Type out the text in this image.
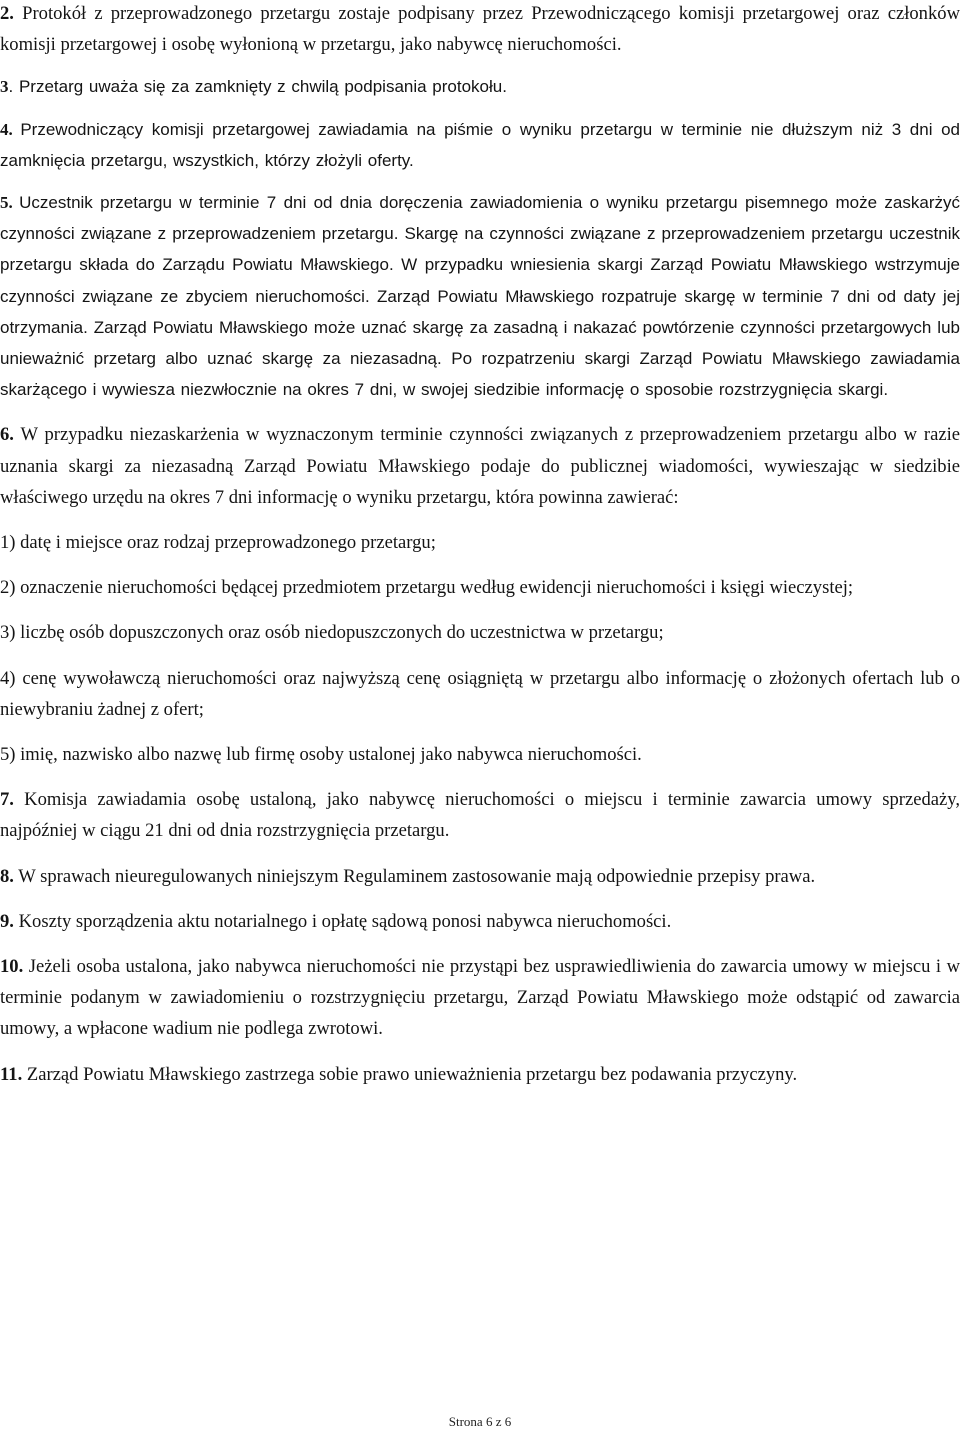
2. Protokół z przeprowadzonego przetargu zostaje podpisany przez Przewodniczącego komisji przetargowej oraz członków komisji przetargowej i osobę wyłonioną w przetargu, jako nabywcę nieruchomości.

3. Przetarg uważa się za zamknięty z chwilą podpisania protokołu.

4. Przewodniczący komisji przetargowej zawiadamia na piśmie o wyniku przetargu w terminie nie dłuższym niż 3 dni od zamknięcia przetargu, wszystkich, którzy złożyli oferty.

5. Uczestnik przetargu w terminie 7 dni od dnia doręczenia zawiadomienia o wyniku przetargu pisemnego może zaskarżyć czynności związane z przeprowadzeniem przetargu. Skargę na czynności związane z przeprowadzeniem przetargu uczestnik przetargu składa do Zarządu Powiatu Mławskiego. W przypadku wniesienia skargi Zarząd Powiatu Mławskiego wstrzymuje czynności związane ze zbyciem nieruchomości. Zarząd Powiatu Mławskiego rozpatruje skargę w terminie 7 dni od daty jej otrzymania. Zarząd Powiatu Mławskiego może uznać skargę za zasadną i nakazać powtórzenie czynności przetargowych lub unieważnić przetarg albo uznać skargę za niezasadną. Po rozpatrzeniu skargi Zarząd Powiatu Mławskiego zawiadamia skarżącego i wywiesza niezwłocznie na okres 7 dni, w swojej siedzibie informację o sposobie rozstrzygnięcia skargi.

6. W przypadku niezaskarżenia w wyznaczonym terminie czynności związanych z przeprowadzeniem przetargu albo w razie uznania skargi za niezasadną Zarząd Powiatu Mławskiego podaje do publicznej wiadomości, wywieszając w siedzibie właściwego urzędu na okres 7 dni informację o wyniku przetargu, która powinna zawierać:

1) datę i miejsce oraz rodzaj przeprowadzonego przetargu;

2) oznaczenie nieruchomości będącej przedmiotem przetargu według ewidencji nieruchomości i księgi wieczystej;

3) liczbę osób dopuszczonych oraz osób niedopuszczonych do uczestnictwa w przetargu;

4) cenę wywoławczą nieruchomości oraz najwyższą cenę osiągniętą w przetargu albo informację o złożonych ofertach lub o niewybraniu żadnej z ofert;

5) imię, nazwisko albo nazwę lub firmę osoby ustalonej jako nabywca nieruchomości.

7. Komisja zawiadamia osobę ustaloną, jako nabywcę nieruchomości o miejscu i terminie zawarcia umowy sprzedaży, najpóźniej w ciągu 21 dni od dnia rozstrzygnięcia przetargu.

8. W sprawach nieuregulowanych niniejszym Regulaminem zastosowanie mają odpowiednie przepisy prawa.

9. Koszty sporządzenia aktu notarialnego i opłatę sądową ponosi nabywca nieruchomości.

10. Jeżeli osoba ustalona, jako nabywca nieruchomości nie przystąpi bez usprawiedliwienia do zawarcia umowy w miejscu i w terminie podanym w zawiadomieniu o rozstrzygnięciu przetargu, Zarząd Powiatu Mławskiego może odstąpić od zawarcia umowy, a wpłacone wadium nie podlega zwrotowi.

11. Zarząd Powiatu Mławskiego zastrzega sobie prawo unieważnienia przetargu bez podawania przyczyny.

Strona 6 z 6
